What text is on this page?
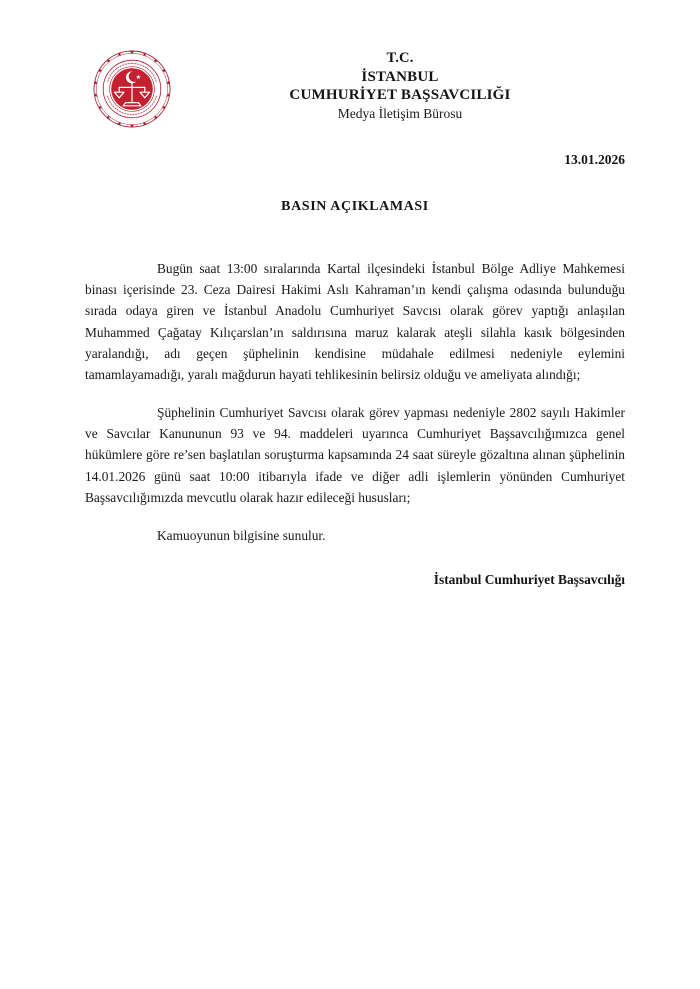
T.C.
İSTANBUL
CUMHURİYET BAŞSAVCILIĞI
Medya İletişim Bürosu
13.01.2026
BASIN AÇIKLAMASI

Bugün saat 13:00 sıralarında Kartal ilçesindeki İstanbul Bölge Adliye Mahkemesi binası içerisinde 23. Ceza Dairesi Hakimi Aslı Kahraman’ın kendi çalışma odasında bulunduğu sırada odaya giren ve İstanbul Anadolu Cumhuriyet Savcısı olarak görev yaptığı anlaşılan Muhammed Çağatay Kılıçarslan’ın saldırısına maruz kalarak ateşli silahla kasık bölgesinden yaralandığı, adı geçen şüphelinin kendisine müdahale edilmesi nedeniyle eylemini tamamlayamadığı, yaralı mağdurun hayati tehlikesinin belirsiz olduğu ve ameliyata alındığı;

Şüphelinin Cumhuriyet Savcısı olarak görev yapması nedeniyle 2802 sayılı Hakimler ve Savcılar Kanununun 93 ve 94. maddeleri uyarınca Cumhuriyet Başsavcılığımızca genel hükümlere göre re’sen başlatılan soruşturma kapsamında 24 saat süreyle gözaltına alınan şüphelinin 14.01.2026 günü saat 10:00 itibarıyla ifade ve diğer adli işlemlerin yönünden Cumhuriyet Başsavcılığımızda mevcutlu olarak hazır edileceği hususları;

Kamuoyunun bilgisine sunulur.

İstanbul Cumhuriyet Başsavcılığı
